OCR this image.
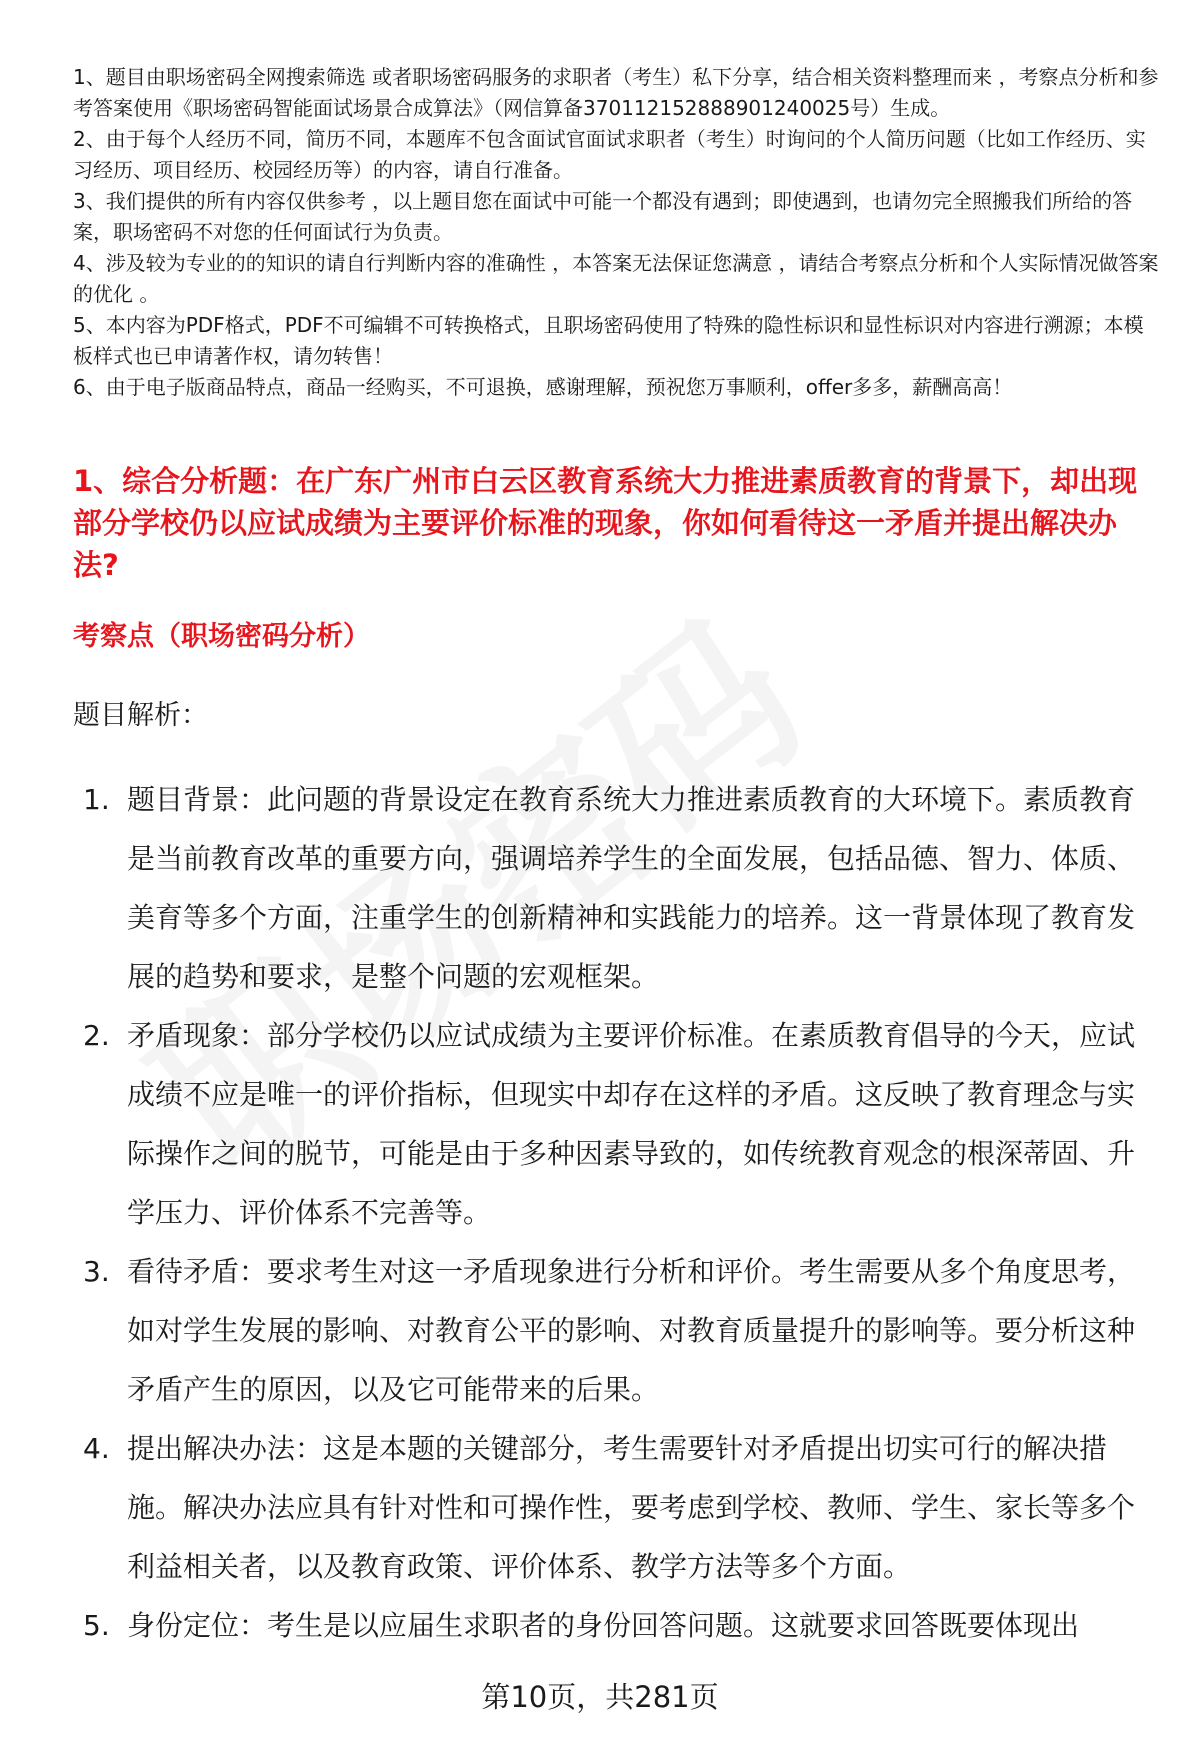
1、题目由职场密码全网搜索筛选 或者职场密码服务的求职者（考生）私下分享，结合相关资料整理而来 ，考察点分析和参考答案使用《职场密码智能面试场景合成算法》（网信算备370112152888901240025号）生成。

2、由于每个人经历不同，简历不同，本题库不包含面试官面试求职者（考生）时询问的个人简历问题（比如工作经历、实习经历、项目经历、校园经历等）的内容，请自行准备。

3、我们提供的所有内容仅供参考 ，以上题目您在面试中可能一个都没有遇到；即使遇到，也请勿完全照搬我们所给的答案，职场密码不对您的任何面试行为负责。

4、涉及较为专业的的知识的请自行判断内容的准确性 ，本答案无法保证您满意 ，请结合考察点分析和个人实际情况做答案的优化 。

5、本内容为PDF格式，PDF不可编辑不可转换格式，且职场密码使用了特殊的隐性标识和显性标识对内容进行溯源；本模板样式也已申请著作权，请勿转售！

6、由于电子版商品特点，商品一经购买，不可退换，感谢理解，预祝您万事顺利，offer多多，薪酬高高！

1、综合分析题：在广东广州市白云区教育系统大力推进素质教育的背景下，却出现部分学校仍以应试成绩为主要评价标准的现象，你如何看待这一矛盾并提出解决办法?
考察点（职场密码分析）
题目解析：
1. 题目背景：此问题的背景设定在教育系统大力推进素质教育的大环境下。素质教育是当前教育改革的重要方向，强调培养学生的全面发展，包括品德、智力、体质、美育等多个方面，注重学生的创新精神和实践能力的培养。这一背景体现了教育发展的趋势和要求，是整个问题的宏观框架。
2. 矛盾现象：部分学校仍以应试成绩为主要评价标准。在素质教育倡导的今天，应试成绩不应是唯一的评价指标，但现实中却存在这样的矛盾。这反映了教育理念与实际操作之间的脱节，可能是由于多种因素导致的，如传统教育观念的根深蒂固、升学压力、评价体系不完善等。
3. 看待矛盾：要求考生对这一矛盾现象进行分析和评价。考生需要从多个角度思考，如对学生发展的影响、对教育公平的影响、对教育质量提升的影响等。要分析这种矛盾产生的原因，以及它可能带来的后果。
4. 提出解决办法：这是本题的关键部分，考生需要针对矛盾提出切实可行的解决措施。解决办法应具有针对性和可操作性，要考虑到学校、教师、学生、家长等多个利益相关者，以及教育政策、评价体系、教学方法等多个方面。
5. 身份定位：考生是以应届生求职者的身份回答问题。这就要求回答既要体现出
第10页，共281页
